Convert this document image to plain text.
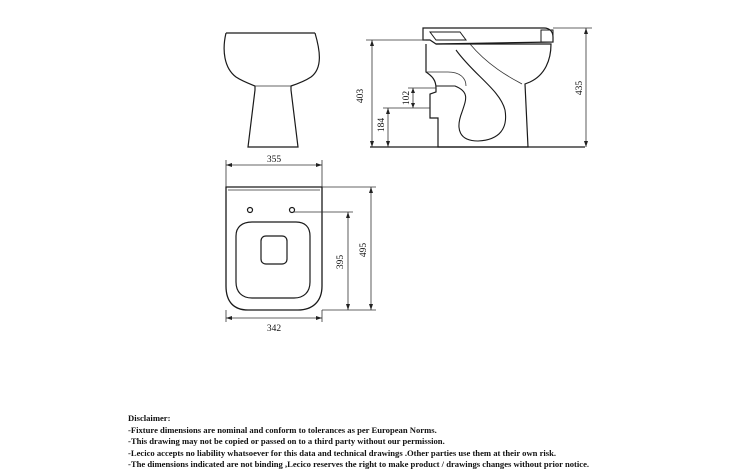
403
184
102
435
355
342
395
495
Disclaimer:
-Fixture dimensions are nominal and conform to tolerances as per European Norms.
-This drawing may not be copied or passed on to a third party without our permission.
-Lecico accepts no liability whatsoever for this data and technical drawings .Other parties use them at their own risk.
-The dimensions indicated are not binding ,Lecico reserves the right to make product / drawings changes without prior notice.
